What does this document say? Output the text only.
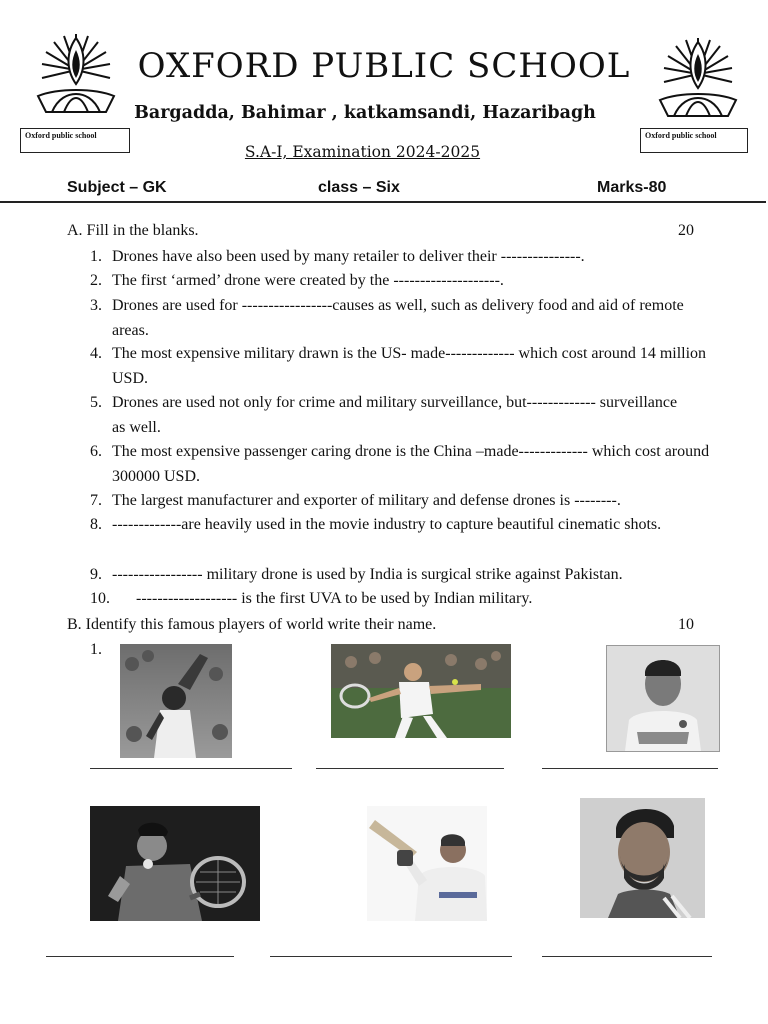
Oxford public school	Oxford public school
OXFORD PUBLIC SCHOOL
Bargadda, Bahimar , katkamsandi, Hazaribagh
S.A-I, Examination 2024-2025
Subject – GK	class – Six	Marks-80
A. Fill in the blanks.	20
1. Drones have also been used by many retailer to deliver their ---------------.
2. The first ‘armed’ drone were created by the --------------------.
3. Drones are used for -----------------causes as well, such as delivery food and aid of remote areas.
4. The most expensive military drawn is the US- made------------- which cost around 14 million USD.
5. Drones are used not only for crime and military surveillance, but------------- surveillance as well.
6. The most expensive passenger caring drone is the China –made------------- which cost around 300000 USD.
7. The largest manufacturer and exporter of military and defense drones is --------.
8. -------------are heavily used in the movie industry to capture beautiful cinematic shots.
9. ----------------- military drone is used by India is surgical strike against Pakistan.
10. ------------------- is the first UVA to be used by Indian military.
B. Identify this famous players of world write their name.	10
1.
